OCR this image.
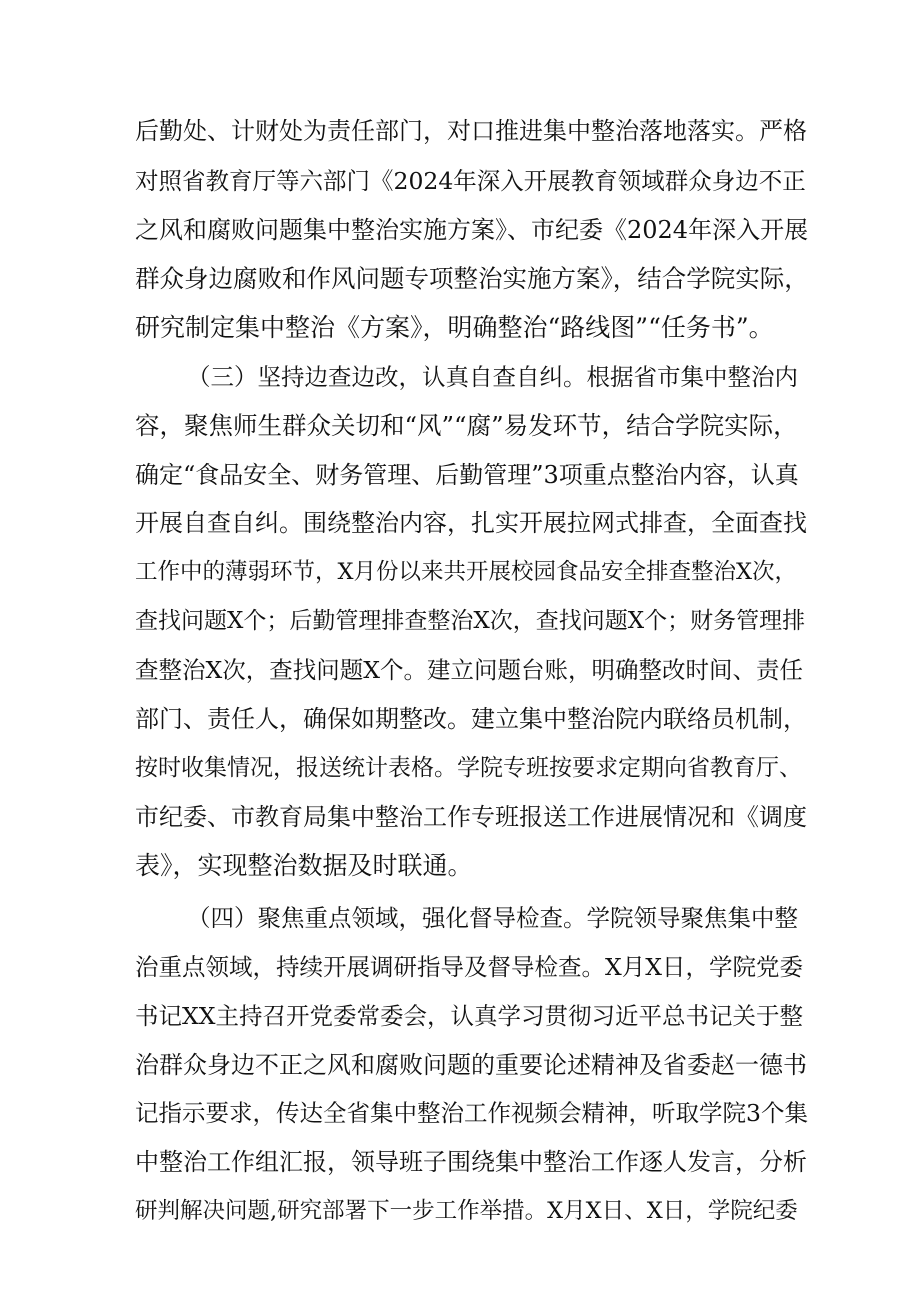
后勤处、计财处为责任部门，对口推进集中整治落地落实。严格
对照省教育厅等六部门《2024年深入开展教育领域群众身边不正
之风和腐败问题集中整治实施方案》、市纪委《2024年深入开展
群众身边腐败和作风问题专项整治实施方案》，结合学院实际，
研究制定集中整治《方案》，明确整治“路线图”“任务书”。
（三）坚持边查边改，认真自查自纠。根据省市集中整治内
容，聚焦师生群众关切和“风”“腐”易发环节，结合学院实际，
确定“食品安全、财务管理、后勤管理”3项重点整治内容，认真
开展自查自纠。围绕整治内容，扎实开展拉网式排查，全面查找
工作中的薄弱环节，X月份以来共开展校园食品安全排查整治X次，
查找问题X个；后勤管理排查整治X次，查找问题X个；财务管理排
查整治X次，查找问题X个。建立问题台账，明确整改时间、责任
部门、责任人，确保如期整改。建立集中整治院内联络员机制，
按时收集情况，报送统计表格。学院专班按要求定期向省教育厅、
市纪委、市教育局集中整治工作专班报送工作进展情况和《调度
表》，实现整治数据及时联通。
（四）聚焦重点领域，强化督导检查。学院领导聚焦集中整
治重点领域，持续开展调研指导及督导检查。X月X日，学院党委
书记XX主持召开党委常委会，认真学习贯彻习近平总书记关于整
治群众身边不正之风和腐败问题的重要论述精神及省委赵一德书
记指示要求，传达全省集中整治工作视频会精神，听取学院3个集
中整治工作组汇报，领导班子围绕集中整治工作逐人发言，分析
研判解决问题,研究部署下一步工作举措。X月X日、X日，学院纪委
